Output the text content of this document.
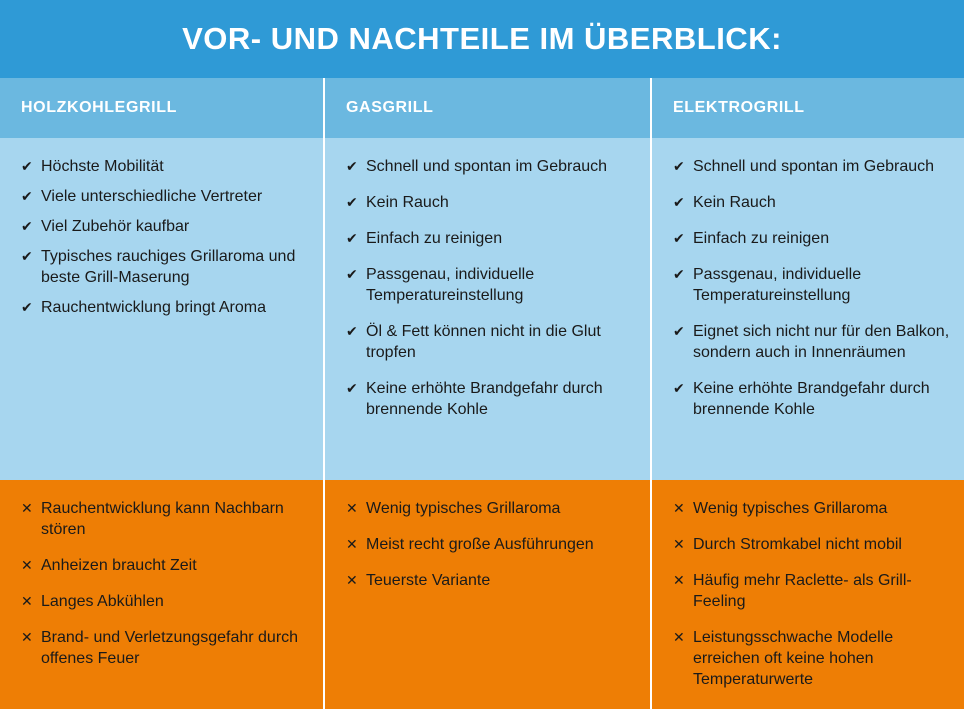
VOR- UND NACHTEILE IM ÜBERBLICK:
HOLZKOHLEGRILL
✔ Höchste Mobilität
✔ Viele unterschiedliche Vertreter
✔ Viel Zubehör kaufbar
✔ Typisches rauchiges Grillaroma und beste Grill-Maserung
✔ Rauchentwicklung bringt Aroma
✕ Rauchentwicklung kann Nachbarn stören
✕ Anheizen braucht Zeit
✕ Langes Abkühlen
✕ Brand- und Verletzungsgefahr durch offenes Feuer
GASGRILL
✔ Schnell und spontan im Gebrauch
✔ Kein Rauch
✔ Einfach zu reinigen
✔ Passgenau, individuelle Temperatureinstellung
✔ Öl & Fett können nicht in die Glut tropfen
✔ Keine erhöhte Brandgefahr durch brennende Kohle
✕ Wenig typisches Grillaroma
✕ Meist recht große Ausführungen
✕ Teuerste Variante
ELEKTROGRILL
✔ Schnell und spontan im Gebrauch
✔ Kein Rauch
✔ Einfach zu reinigen
✔ Passgenau, individuelle Temperatureinstellung
✔ Eignet sich nicht nur für den Balkon, sondern auch in Innenräumen
✔ Keine erhöhte Brandgefahr durch brennende Kohle
✕ Wenig typisches Grillaroma
✕ Durch Stromkabel nicht mobil
✕ Häufig mehr Raclette- als Grill-Feeling
✕ Leistungsschwache Modelle erreichen oft keine hohen Temperaturwerte
